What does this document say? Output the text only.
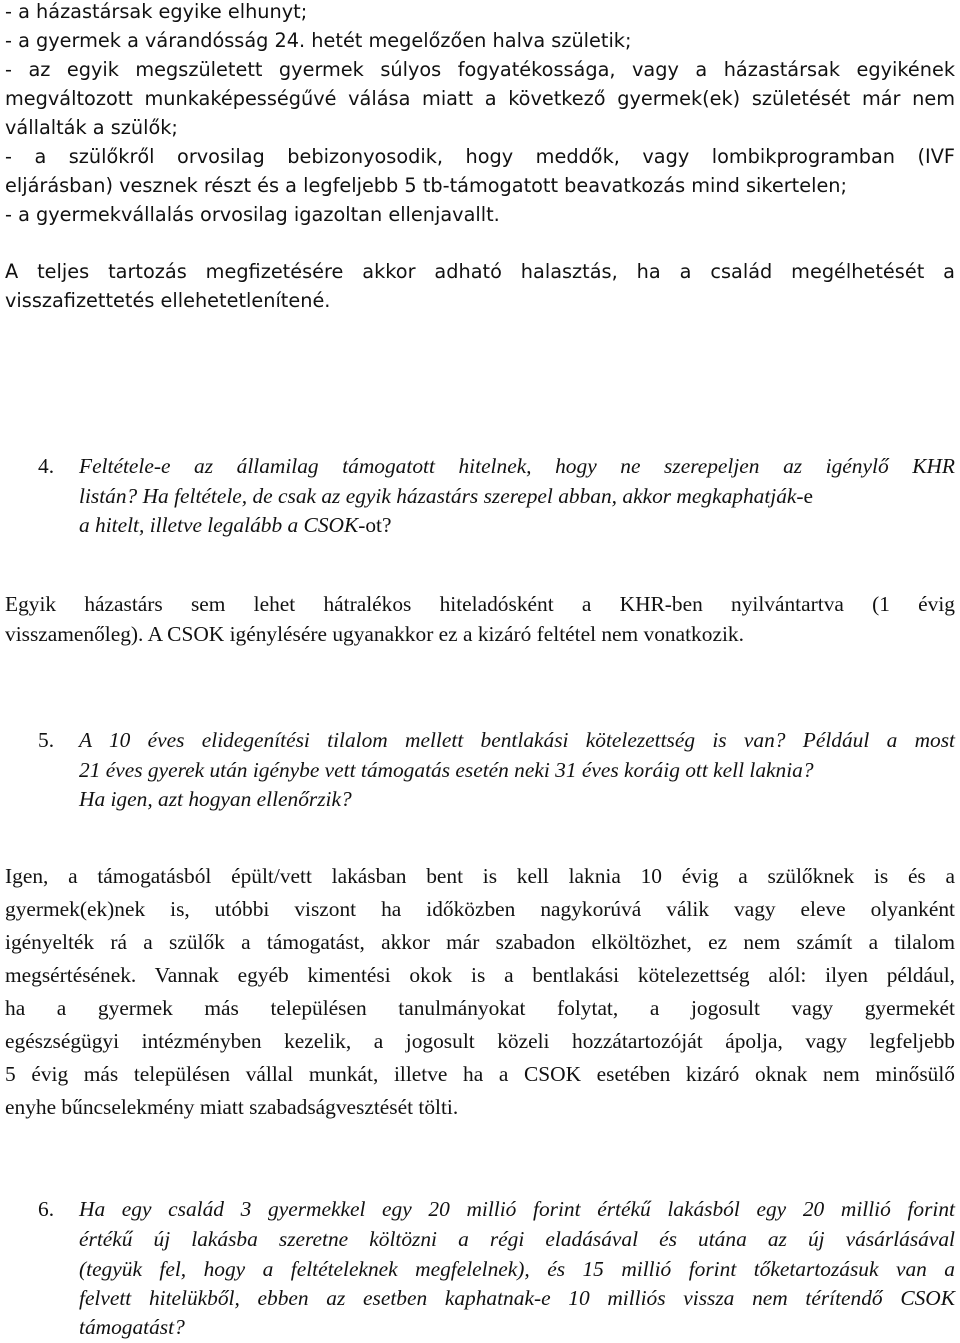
- a házastársak egyike elhunyt;
- a gyermek a várandósság 24. hetét megelőzően halva születik;
- az egyik megszületett gyermek súlyos fogyatékossága, vagy a házastársak egyikének
megváltozott munkaképességűvé válása miatt a következő gyermek(ek) születését már nem
vállalták a szülők;
- a szülőkről orvosilag bebizonyosodik, hogy meddők, vagy lombikprogramban (IVF
eljárásban) vesznek részt és a legfeljebb 5 tb-támogatott beavatkozás mind sikertelen;
- a gyermekvállalás orvosilag igazoltan ellenjavallt.
A teljes tartozás megfizetésére akkor adható halasztás, ha a család megélhetését a
visszafizettetés ellehetetlenítené.
4. Feltétele-e az államilag támogatott hitelnek, hogy ne szerepeljen az igénylő KHR
listán? Ha feltétele, de csak az egyik házastárs szerepel abban, akkor megkaphatják-e
a hitelt, illetve legalább a CSOK-ot?
Egyik házastárs sem lehet hátralékos hiteladósként a KHR-ben nyilvántartva (1 évig
visszamenőleg). A CSOK igénylésére ugyanakkor ez a kizáró feltétel nem vonatkozik.
5. A 10 éves elidegenítési tilalom mellett bentlakási kötelezettség is van? Például a most
21 éves gyerek után igénybe vett támogatás esetén neki 31 éves koráig ott kell laknia?
Ha igen, azt hogyan ellenőrzik?
Igen, a támogatásból épült/vett lakásban bent is kell laknia 10 évig a szülőknek is és a
gyermek(ek)nek is, utóbbi viszont ha időközben nagykorúvá válik vagy eleve olyanként
igényelték rá a szülők a támogatást, akkor már szabadon elköltözhet, ez nem számít a tilalom
megsértésének. Vannak egyéb kimentési okok is a bentlakási kötelezettség alól: ilyen például,
ha a gyermek más településen tanulmányokat folytat, a jogosult vagy gyermekét
egészségügyi intézményben kezelik, a jogosult közeli hozzátartozóját ápolja, vagy legfeljebb
5 évig más településen vállal munkát, illetve ha a CSOK esetében kizáró oknak nem minősülő
enyhe bűncselekmény miatt szabadságvesztését tölti.
6. Ha egy család 3 gyermekkel egy 20 millió forint értékű lakásból egy 20 millió forint
értékű új lakásba szeretne költözni a régi eladásával és utána az új vásárlásával
(tegyük fel, hogy a feltételeknek megfelelnek), és 15 millió forint tőketartozásuk van a
felvett hitelükből, ebben az esetben kaphatnak-e 10 milliós vissza nem térítendő CSOK
támogatást?
